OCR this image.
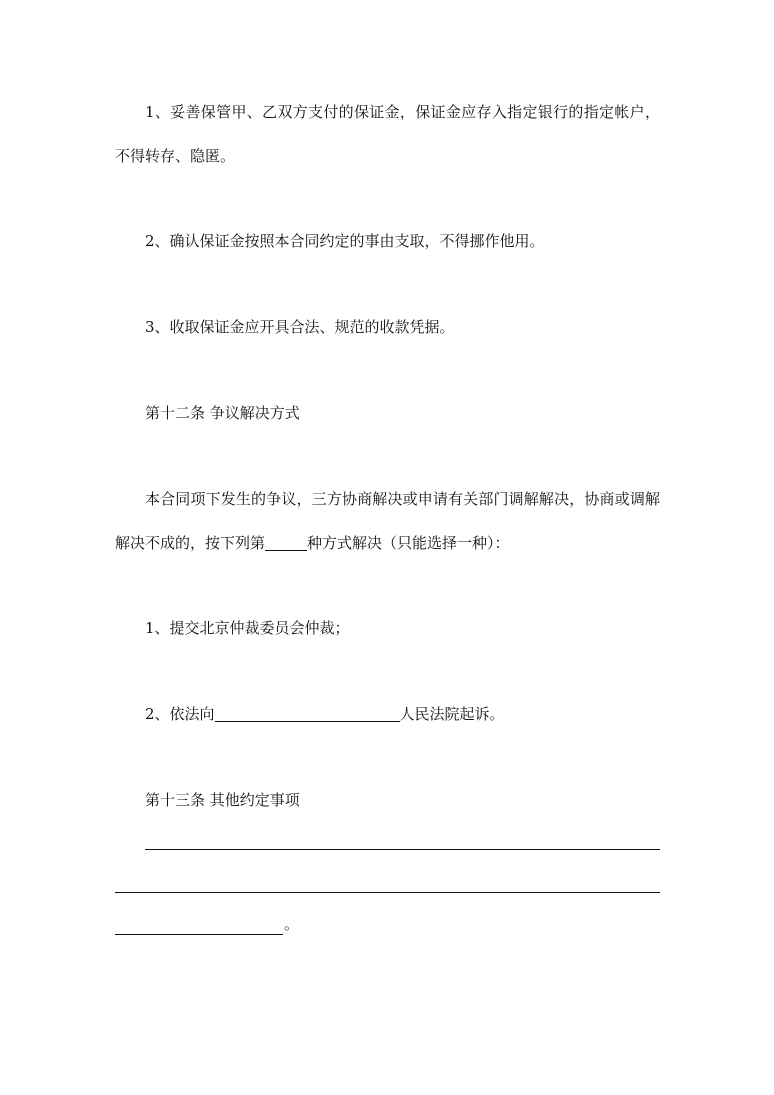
1、妥善保管甲、乙双方支付的保证金，保证金应存入指定银行的指定帐户，不得转存、隐匿。

2、确认保证金按照本合同约定的事由支取，不得挪作他用。

3、收取保证金应开具合法、规范的收款凭据。

第十二条 争议解决方式

本合同项下发生的争议，三方协商解决或申请有关部门调解解决，协商或调解解决不成的，按下列第	种方式解决（只能选择一种）：

1、提交北京仲裁委员会仲裁；

2、依法向	人民法院起诉。

第十三条 其他约定事项

。
